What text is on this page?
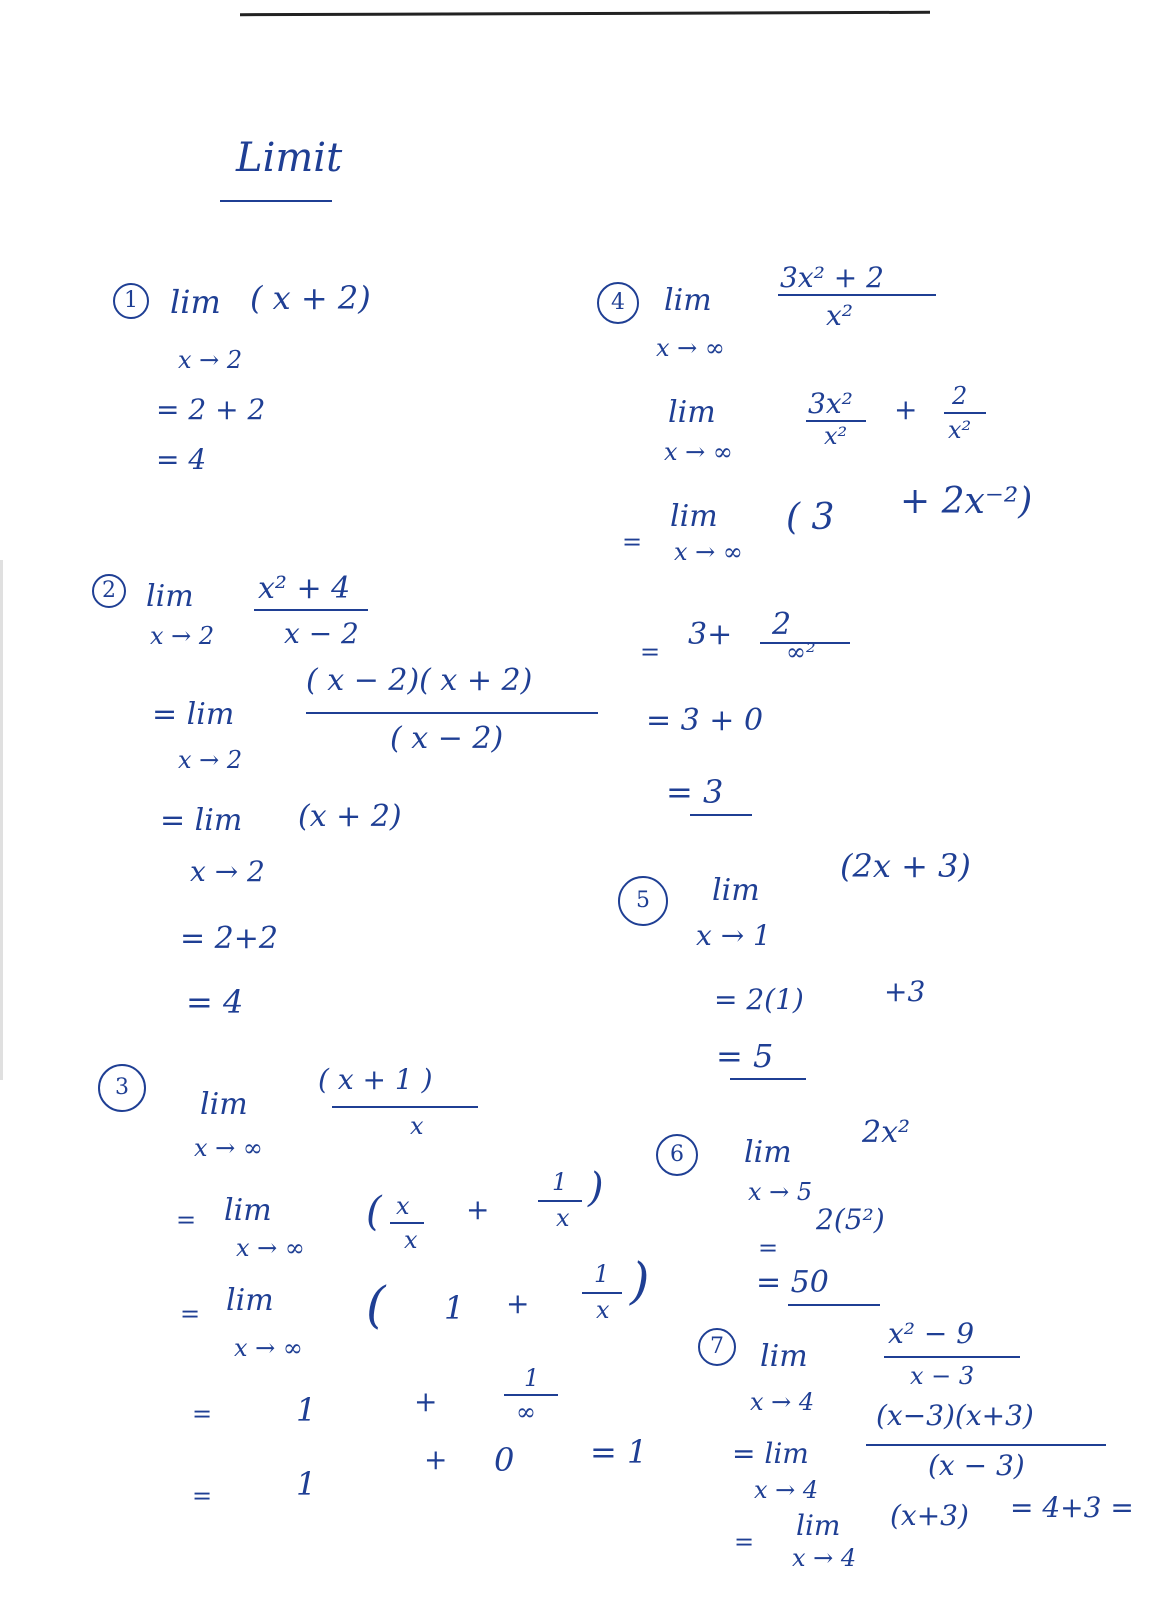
Limit
1	lim ( x + 2)
x → 2
= 2 + 2
= 4
2	lim
x → 2
x² + 4
x − 2
= lim
x → 2
( x − 2)( x + 2)
( x − 2)
= lim (x + 2)
x → 2
= 2+2
= 4
3	lim
x → ∞
( x + 1 )
x
= lim
x → ∞
( x
x
+
1
x
)
= lim
x → ∞
( 1 +
1
x )
=	1	+
1
∞
=	1
+ 0 = 1
4	lim
x → ∞
3x² + 2
x²
lim
x → ∞
3x²
x²
+ 2
x²
=
lim
x → ∞
( 3 + 2x⁻²)
= 3+ 2
∞²
= 3 + 0
= 3
5	lim
(2x + 3)
x → 1
= 2(1)	+3
= 5
6	lim
2x²
x → 5
=
2(5²)
= 50
7	lim
x → 4
x² − 9
x − 3
= lim
x → 4
(x−3)(x+3)
(x − 3)
= lim
x → 4
(x+3) = 4+3 =
